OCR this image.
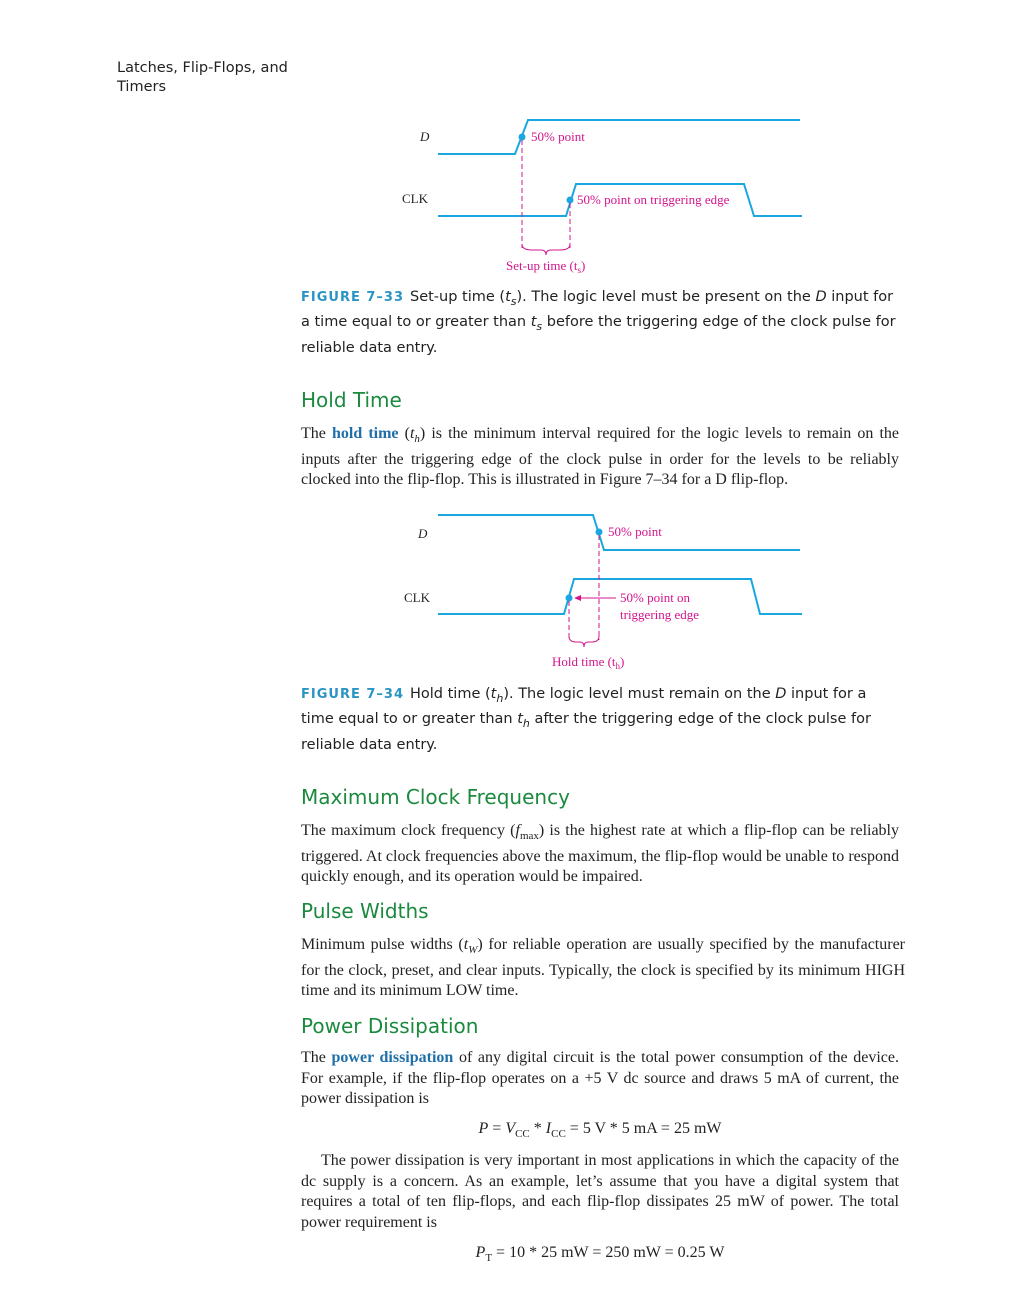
Latches, Flip-Flops, and Timers
D
CLK
50% point
50% point on triggering edge
Set-up time $(t_s)$

FIGURE 7–33 Set-up time $(t_s)$. The logic level must be present on the D input for a time equal to or greater than $t_s$ before the triggering edge of the clock pulse for reliable data entry.

Hold Time

The hold time $(t_h)$ is the minimum interval required for the logic levels to remain on the inputs after the triggering edge of the clock pulse in order for the levels to be reliably clocked into the flip-flop. This is illustrated in Figure 7–34 for a D flip-flop.

D
CLK
50% point
50% point on
triggering edge
Hold time $(t_h)$

FIGURE 7–34 Hold time $(t_h)$. The logic level must remain on the D input for a time equal to or greater than $t_h$ after the triggering edge of the clock pulse for reliable data entry.

Maximum Clock Frequency

The maximum clock frequency $(f_{max})$ is the highest rate at which a flip-flop can be reliably triggered. At clock frequencies above the maximum, the flip-flop would be unable to respond quickly enough, and its operation would be impaired.

Pulse Widths

Minimum pulse widths $(t_W)$ for reliable operation are usually specified by the manufacturer for the clock, preset, and clear inputs. Typically, the clock is specified by its minimum HIGH time and its minimum LOW time.

Power Dissipation

The power dissipation of any digital circuit is the total power consumption of the device. For example, if the flip-flop operates on a +5 V dc source and draws 5 mA of current, the power dissipation is

$P = V_{CC} * I_{CC} = 5$ V * 5 mA = 25 mW

The power dissipation is very important in most applications in which the capacity of the dc supply is a concern. As an example, let’s assume that you have a digital system that requires a total of ten flip-flops, and each flip-flop dissipates 25 mW of power. The total power requirement is

$P_T = 10 * 25$ mW = 250 mW = 0.25 W
